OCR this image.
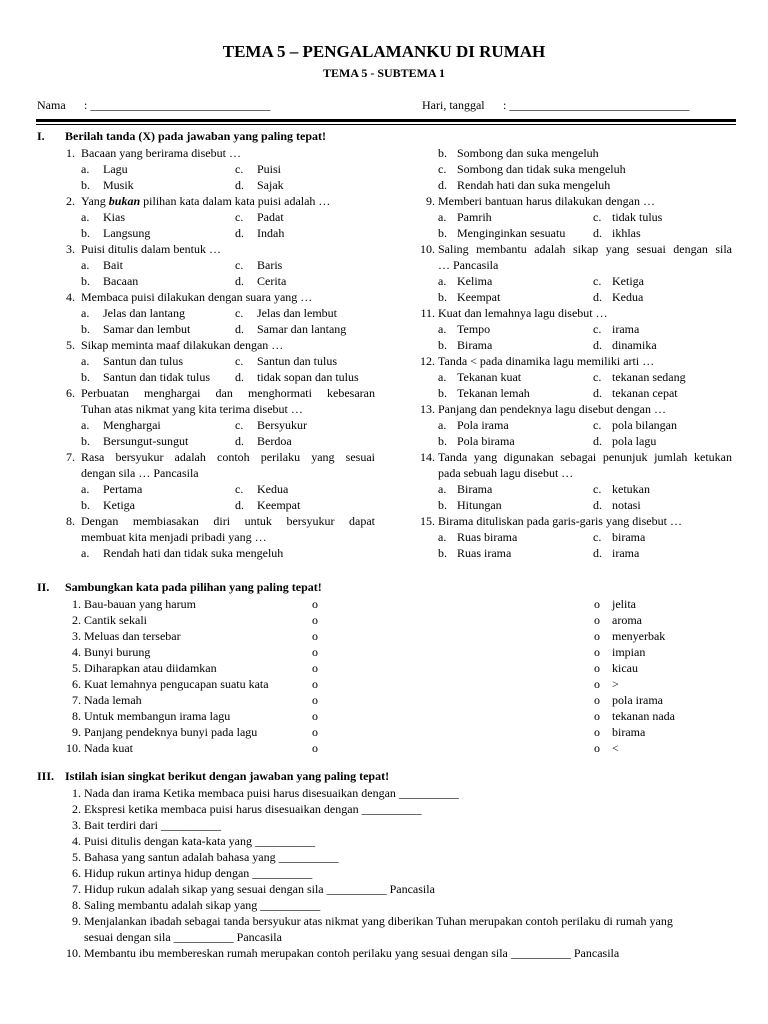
TEMA 5 – PENGALAMANKU DI RUMAH
TEMA 5 - SUBTEMA 1
Nama : ______________________________	Hari, tanggal : ______________________________
I. Berilah tanda (X) pada jawaban yang paling tepat!
1. Bacaan yang berirama disebut …
a. Lagu	c. Puisi
b. Musik	d. Sajak
2. Yang bukan pilihan kata dalam kata puisi adalah …
a. Kias	c. Padat
b. Langsung	d. Indah
3. Puisi ditulis dalam bentuk …
a. Bait	c. Baris
b. Bacaan	d. Cerita
4. Membaca puisi dilakukan dengan suara yang …
a. Jelas dan lantang	c. Jelas dan lembut
b. Samar dan lembut	d. Samar dan lantang
5. Sikap meminta maaf dilakukan dengan …
a. Santun dan tulus	c. Santun dan tulus
b. Santun dan tidak tulus d. tidak sopan dan tulus
6. Perbuatan menghargai dan menghormati kebesaran
Tuhan atas nikmat yang kita terima disebut …
a. Menghargai	c. Bersyukur
b. Bersungut-sungut	d. Berdoa
7. Rasa bersyukur adalah contoh perilaku yang sesuai
dengan sila … Pancasila
a. Pertama	c. Kedua
b. Ketiga	d. Keempat
8. Dengan membiasakan diri untuk bersyukur dapat
membuat kita menjadi pribadi yang …
a. Rendah hati dan tidak suka mengeluh
b. Sombong dan suka mengeluh
c. Sombong dan tidak suka mengeluh
d. Rendah hati dan suka mengeluh
9. Memberi bantuan harus dilakukan dengan …
a. Pamrih	c. tidak tulus
b. Menginginkan sesuatu d. ikhlas
10. Saling membantu adalah sikap yang sesuai dengan sila
… Pancasila
a. Kelima	c. Ketiga
b. Keempat	d. Kedua
11. Kuat dan lemahnya lagu disebut …
a. Tempo	c. irama
b. Birama	d. dinamika
12. Tanda < pada dinamika lagu memiliki arti …
a. Tekanan kuat	c. tekanan sedang
b. Tekanan lemah	d. tekanan cepat
13. Panjang dan pendeknya lagu disebut dengan …
a. Pola irama	c. pola bilangan
b. Pola birama	d. pola lagu
14. Tanda yang digunakan sebagai penunjuk jumlah ketukan
pada sebuah lagu disebut …
a. Birama	c. ketukan
b. Hitungan	d. notasi
15. Birama dituliskan pada garis-garis yang disebut …
a. Ruas birama	c. birama
b. Ruas irama	d. irama
II. Sambungkan kata pada pilihan yang paling tepat!
1. Bau-bauan yang harum	o	o jelita
2. Cantik sekali	o	o aroma
3. Meluas dan tersebar	o	o menyerbak
4. Bunyi burung	o	o impian
5. Diharapkan atau diidamkan	o	o kicau
6. Kuat lemahnya pengucapan suatu kata	o	o >
7. Nada lemah	o	o pola irama
8. Untuk membangun irama lagu	o	o tekanan nada
9. Panjang pendeknya bunyi pada lagu	o	o birama
10. Nada kuat	o	o <
III. Istilah isian singkat berikut dengan jawaban yang paling tepat!
1. Nada dan irama Ketika membaca puisi harus disesuaikan dengan __________
2. Ekspresi ketika membaca puisi harus disesuaikan dengan __________
3. Bait terdiri dari __________
4. Puisi ditulis dengan kata-kata yang __________
5. Bahasa yang santun adalah bahasa yang __________
6. Hidup rukun artinya hidup dengan __________
7. Hidup rukun adalah sikap yang sesuai dengan sila __________ Pancasila
8. Saling membantu adalah sikap yang __________
9. Menjalankan ibadah sebagai tanda bersyukur atas nikmat yang diberikan Tuhan merupakan contoh perilaku di rumah yang
sesuai dengan sila __________ Pancasila
10. Membantu ibu membereskan rumah merupakan contoh perilaku yang sesuai dengan sila __________ Pancasila
